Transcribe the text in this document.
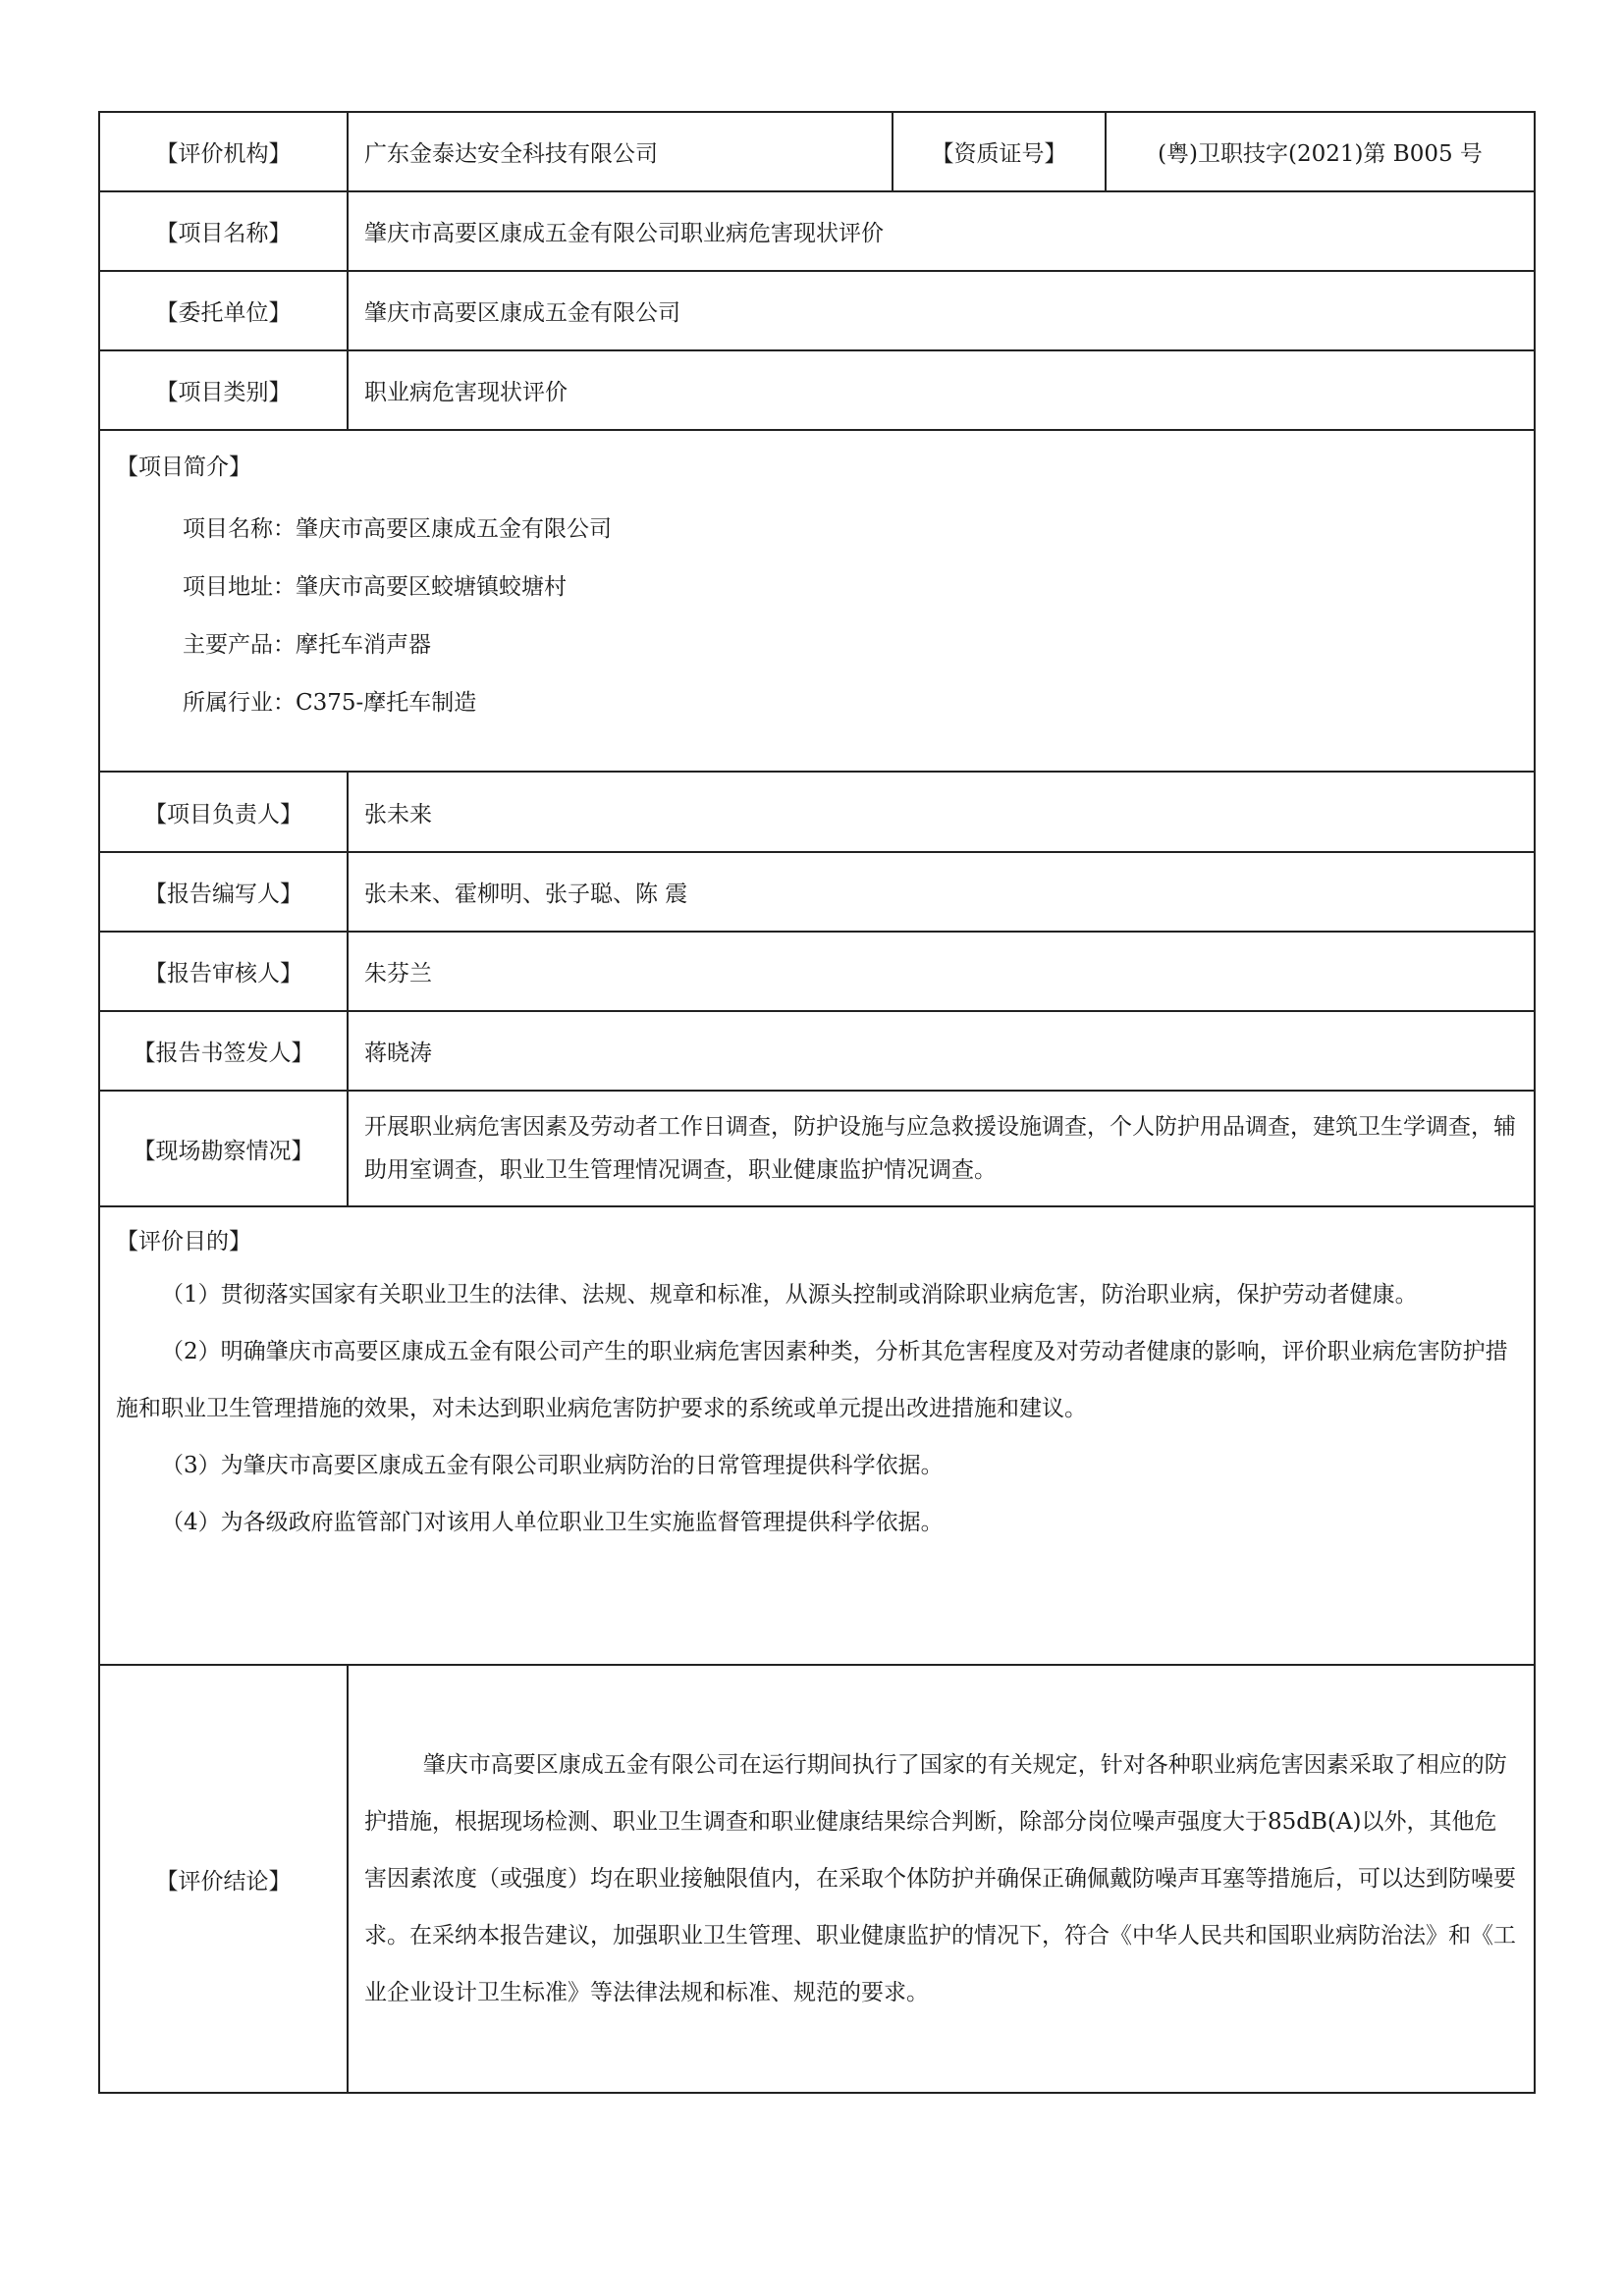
【评价机构】	广东金泰达安全科技有限公司	【资质证号】	(粤)卫职技字(2021)第 B005 号
【项目名称】	肇庆市高要区康成五金有限公司职业病危害现状评价		
【委托单位】	肇庆市高要区康成五金有限公司		
【项目类别】	职业病危害现状评价		

【项目简介】
项目名称：肇庆市高要区康成五金有限公司
项目地址：肇庆市高要区蛟塘镇蛟塘村
主要产品：摩托车消声器
所属行业：C375-摩托车制造			

【项目负责人】	张未来		
【报告编写人】	张未来、霍柳明、张子聪、陈 震		
【报告审核人】	朱芬兰		
【报告书签发人】	蒋晓涛		
【现场勘察情况】	开展职业病危害因素及劳动者工作日调查，防护设施与应急救援设施调查，个人防护用品调查，建筑卫生学调查，辅助用室调查，职业卫生管理情况调查，职业健康监护情况调查。		

【评价目的】
（1）贯彻落实国家有关职业卫生的法律、法规、规章和标准，从源头控制或消除职业病危害，防治职业病，保护劳动者健康。
（2）明确肇庆市高要区康成五金有限公司产生的职业病危害因素种类，分析其危害程度及对劳动者健康的影响，评价职业病危害防护措施和职业卫生管理措施的效果，对未达到职业病危害防护要求的系统或单元提出改进措施和建议。
（3）为肇庆市高要区康成五金有限公司职业病防治的日常管理提供科学依据。
（4）为各级政府监管部门对该用人单位职业卫生实施监督管理提供科学依据。			

【评价结论】	肇庆市高要区康成五金有限公司在运行期间执行了国家的有关规定，针对各种职业病危害因素采取了相应的防护措施，根据现场检测、职业卫生调查和职业健康结果综合判断，除部分岗位噪声强度大于85dB(A)以外，其他危害因素浓度（或强度）均在职业接触限值内，在采取个体防护并确保正确佩戴防噪声耳塞等措施后，可以达到防噪要求。在采纳本报告建议，加强职业卫生管理、职业健康监护的情况下，符合《中华人民共和国职业病防治法》和《工业企业设计卫生标准》等法律法规和标准、规范的要求。		
